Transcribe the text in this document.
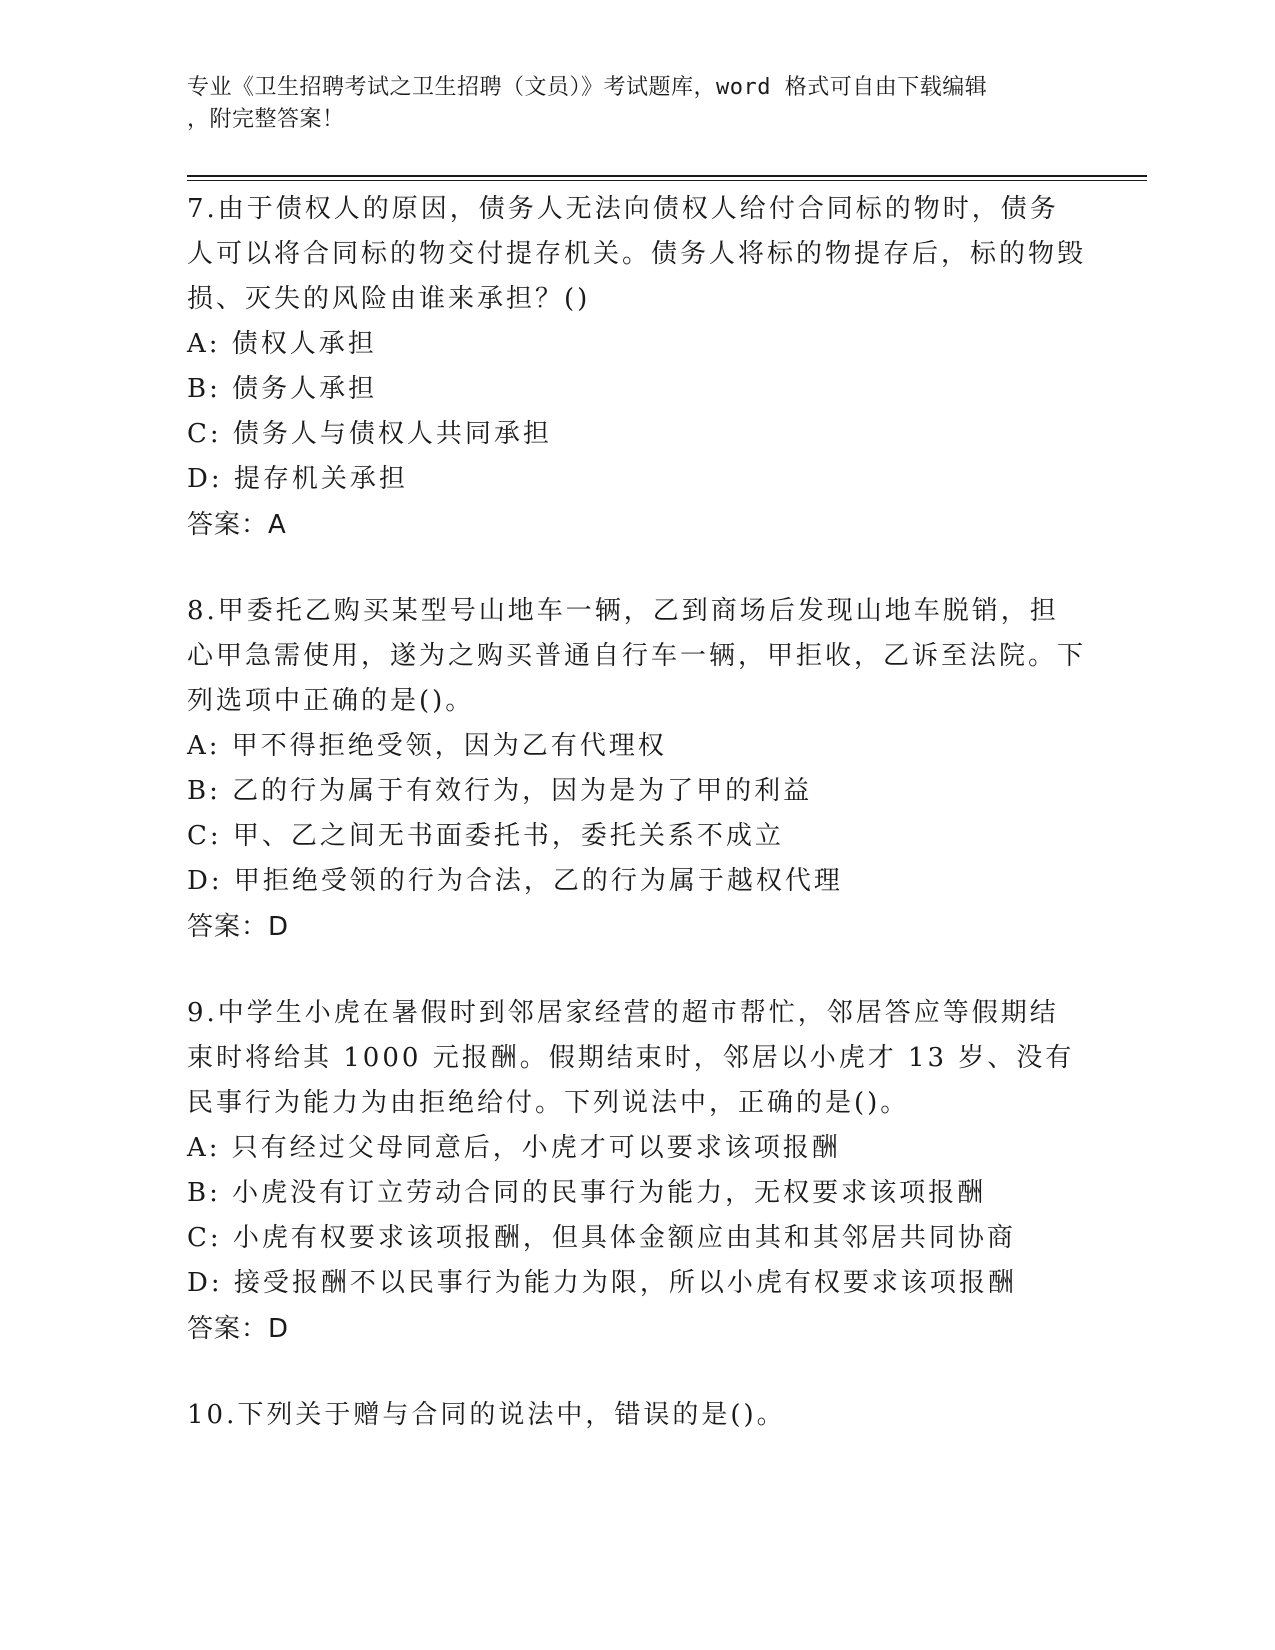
专业《卫生招聘考试之卫生招聘（文员）》考试题库，word 格式可自由下载编辑
，附完整答案！
7.由于债权人的原因，债务人无法向债权人给付合同标的物时，债务人可以将合同标的物交付提存机关。债务人将标的物提存后，标的物毁损、灭失的风险由谁来承担？()
A: 债权人承担
B: 债务人承担
C: 债务人与债权人共同承担
D: 提存机关承担
答案：A
8.甲委托乙购买某型号山地车一辆，乙到商场后发现山地车脱销，担心甲急需使用，遂为之购买普通自行车一辆，甲拒收，乙诉至法院。下列选项中正确的是()。
A: 甲不得拒绝受领，因为乙有代理权
B: 乙的行为属于有效行为，因为是为了甲的利益
C: 甲、乙之间无书面委托书，委托关系不成立
D: 甲拒绝受领的行为合法，乙的行为属于越权代理
答案：D
9.中学生小虎在暑假时到邻居家经营的超市帮忙，邻居答应等假期结束时将给其 1000 元报酬。假期结束时，邻居以小虎才 13 岁、没有民事行为能力为由拒绝给付。下列说法中，正确的是()。
A: 只有经过父母同意后，小虎才可以要求该项报酬
B: 小虎没有订立劳动合同的民事行为能力，无权要求该项报酬
C: 小虎有权要求该项报酬，但具体金额应由其和其邻居共同协商
D: 接受报酬不以民事行为能力为限，所以小虎有权要求该项报酬
答案：D
10.下列关于赠与合同的说法中，错误的是()。
